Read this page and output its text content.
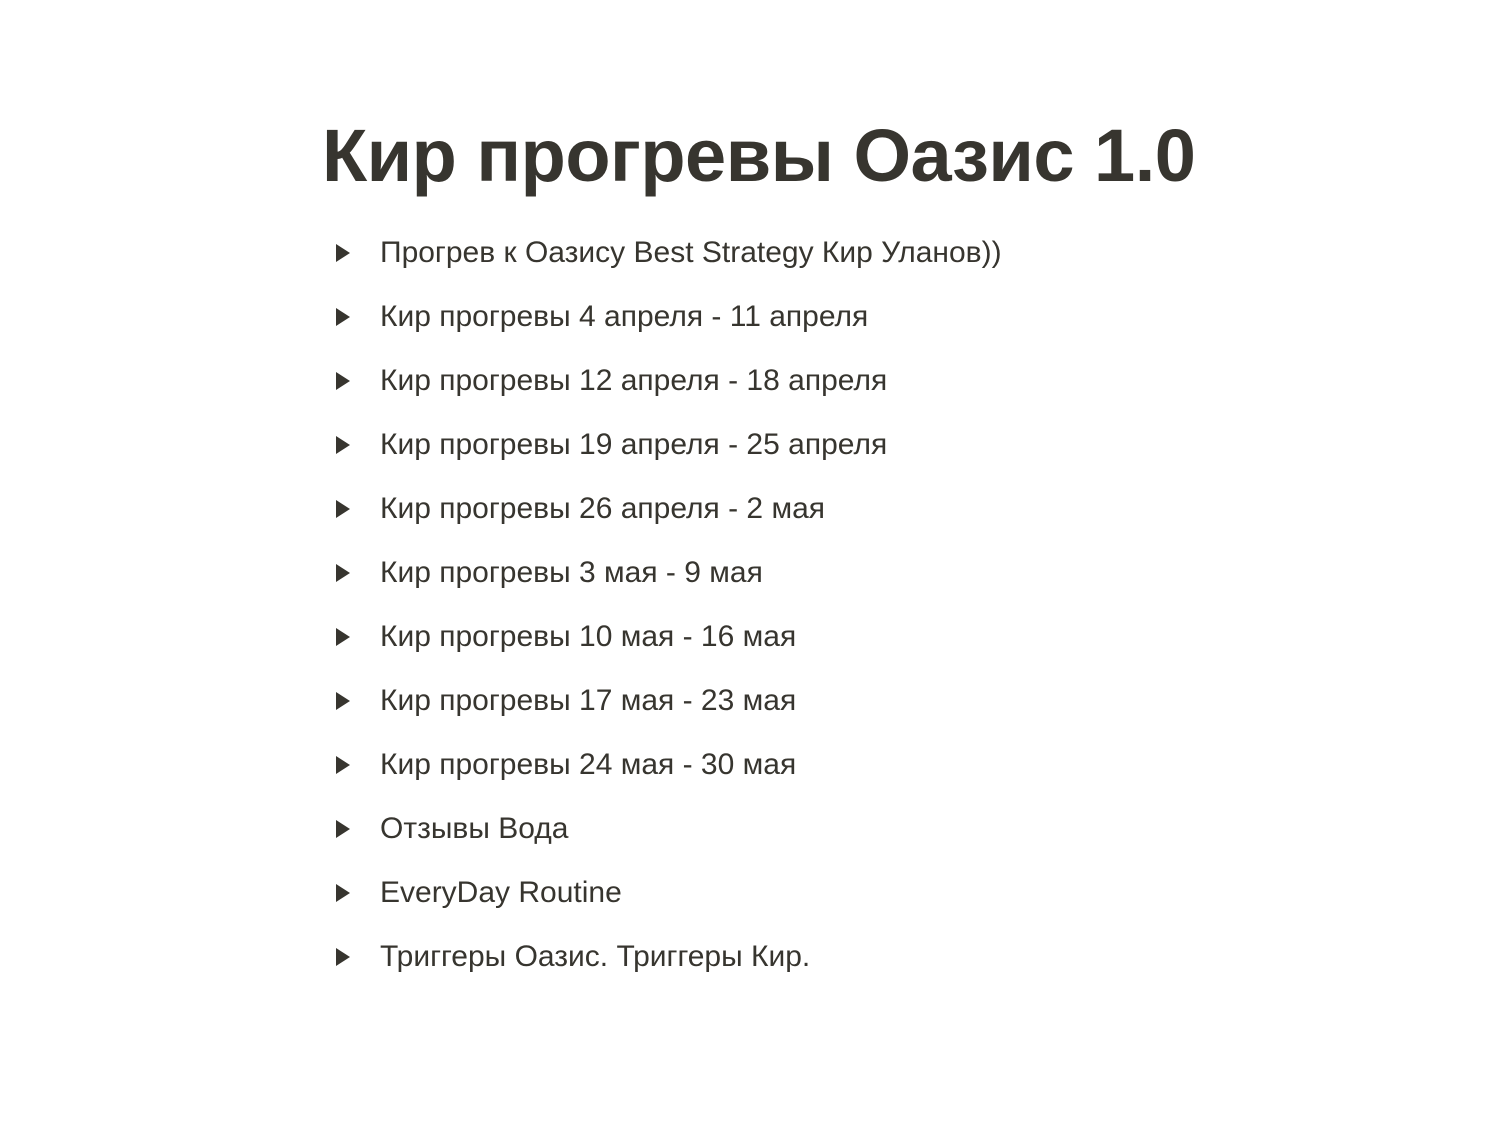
Кир прогревы Оазис 1.0
Прогрев к Оазису Best Strategy Кир Уланов))
Кир прогревы 4 апреля - 11 апреля
Кир прогревы 12 апреля - 18 апреля
Кир прогревы 19 апреля - 25 апреля
Кир прогревы 26 апреля - 2 мая
Кир прогревы 3 мая - 9 мая
Кир прогревы 10 мая - 16 мая
Кир прогревы 17 мая - 23 мая
Кир прогревы 24 мая - 30 мая
Отзывы Вода
EveryDay Routine
Триггеры Оазис. Триггеры Кир.
